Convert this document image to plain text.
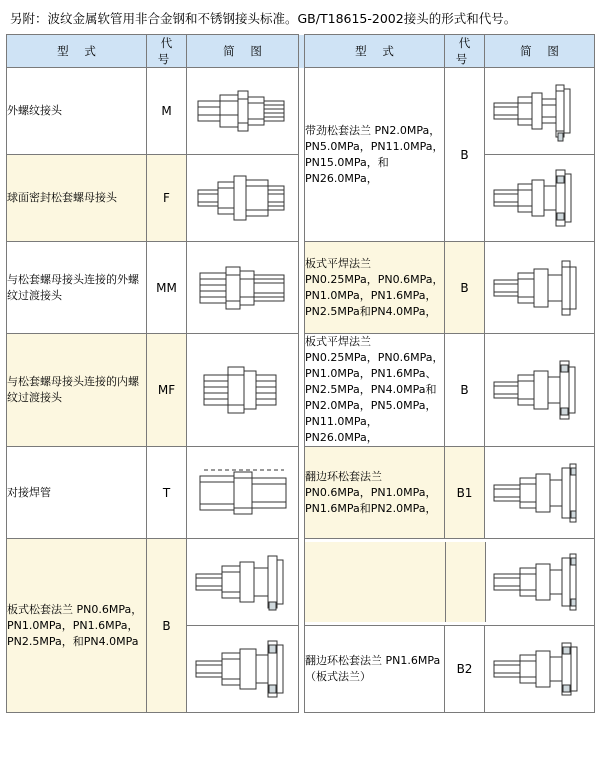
另附：波纹金属软管用非合金钢和不锈钢接头标准。GB/T18615-2002接头的形式和代号。
型 式	代 号	简 图		型 式	代 号	简 图
外螺纹接头	M	
		带劲松套法兰 PN2.0MPa，PN5.0MPa，PN11.0MPa，PN15.0MPa，和PN26.0MPa，	B	

球面密封松套螺母接头	F	

与松套螺母接头连接的外螺纹过渡接头	MM	
		板式平焊法兰 PN0.25MPa，PN0.6MPa，PN1.0MPa，PN1.6MPa，PN2.5MPa和PN4.0MPa，	B	

与松套螺母接头连接的内螺纹过渡接头	MF	
		板式平焊法兰 PN0.25MPa，PN0.6MPa，PN1.0MPa，PN1.6MPa、PN2.5MPa，PN4.0MPa和PN2.0MPa，PN5.0MPa，PN11.0MPa，PN26.0MPa，	B	

对接焊管	T	
		翻边环松套法兰 PN0.6MPa，PN1.0MPa，PN1.6MPa和PN2.0MPa，	B1	

板式松套法兰 PN0.6MPa，PN1.0MPa，PN1.6MPa，PN2.5MPa，和PN4.0MPa	B	

		翻边环松套法兰 PN1.6MPa（板式法兰）	B2	
